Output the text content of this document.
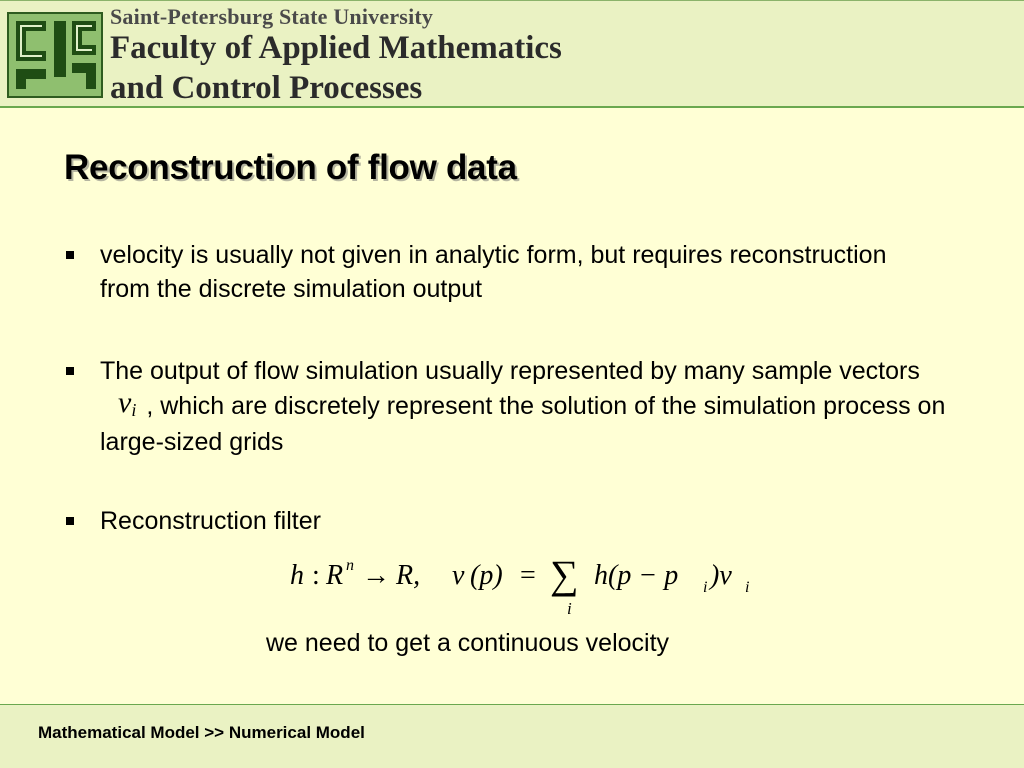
Saint-Petersburg State University
Faculty of Applied Mathematics
and Control Processes
Reconstruction of flow data
velocity is usually not given in analytic form, but requires reconstruction from the discrete simulation output
The output of flow simulation usually represented by many sample vectorsv$_i$ , which are discretely represent the solution of the simulation process on large-sized grids
Reconstruction filter
h : R n → R, v (p) = ∑
i
h(p − p i )v i
we need to get a continuous velocity
Mathematical Model >> Numerical Model
